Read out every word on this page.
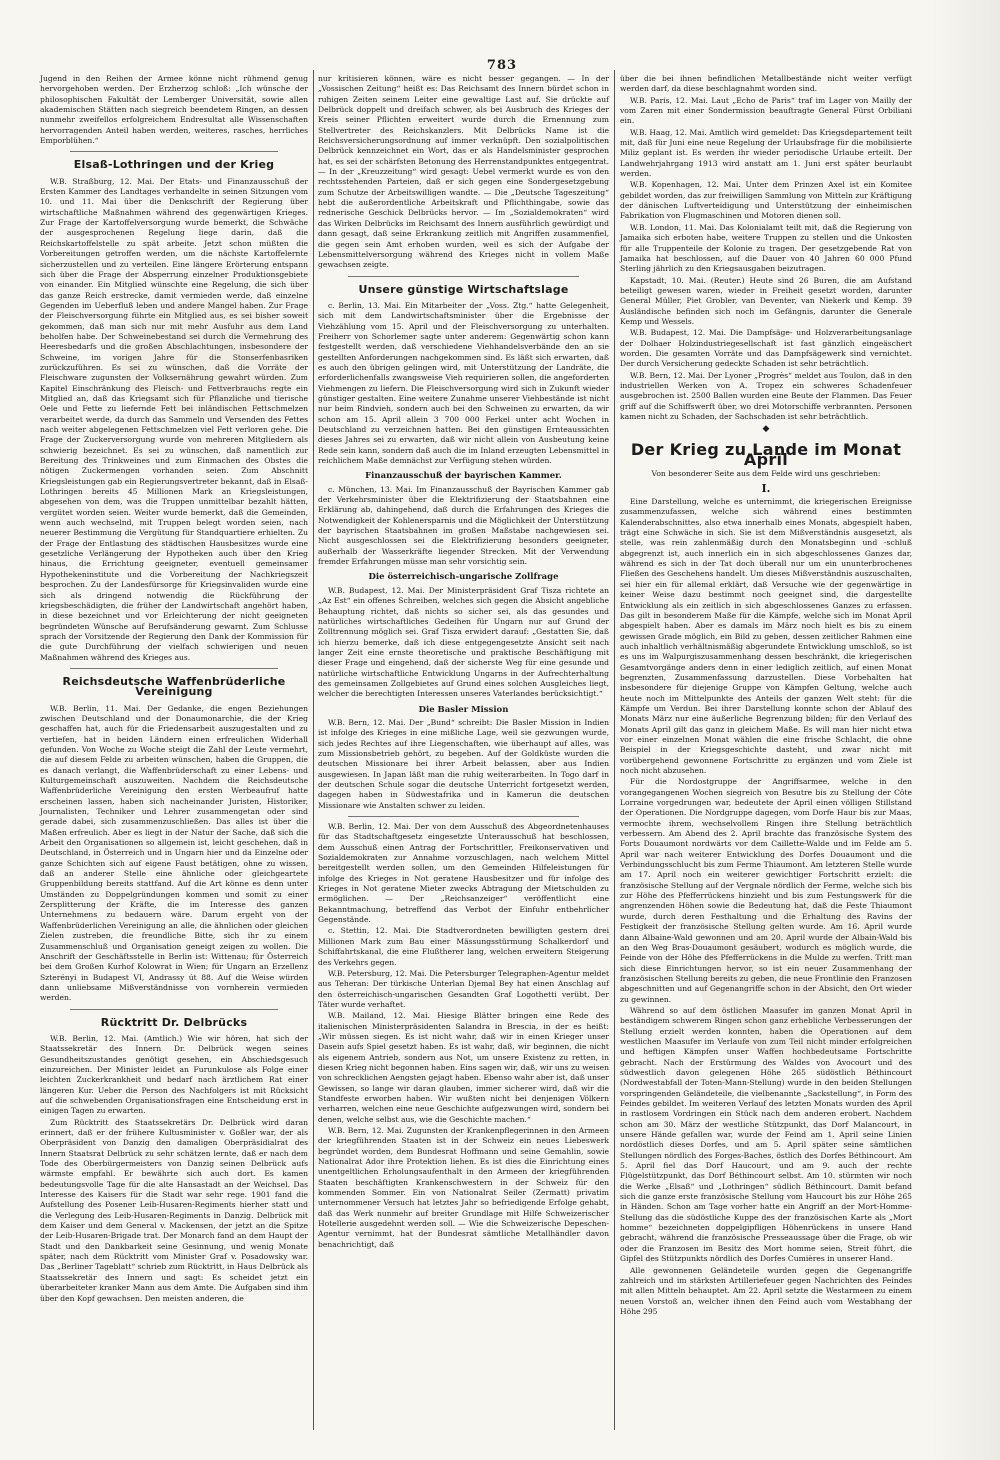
783

Jugend in den Reihen der Armee könne nicht rühmend genug hervorgehoben werden. Der Erzherzog schloß: „Ich wünsche der philosophischen Fakultät der Lemberger Universität, sowie allen akademischen Stätten nach siegreich beendetem Ringen, an dessen nunmehr zweifellos erfolgreichem Endresultat alle Wissenschaften hervorragenden Anteil haben werden, weiteres, rasches, herrliches Emporblühen.“

Elsaß-Lothringen und der Krieg

W.B. Straßburg, 12. Mai. Der Etats- und Finanzausschuß der Ersten Kammer des Landtages verhandelte in seinen Sitzungen vom 10. und 11. Mai über die Denkschrift der Regierung über wirtschaftliche Maßnahmen während des gegenwärtigen Krieges. Zur Frage der Kartoffelversorgung wurde bemerkt, die Schwäche der ausgesprochenen Regelung liege darin, daß die Reichskartoffelstelle zu spät arbeite. Jetzt schon müßten die Vorbereitungen getroffen werden, um die nächste Kartoffelernte sicherzustellen und zu verteilen. Eine längere Erörterung entspann sich über die Frage der Absperrung einzelner Produktionsgebiete von einander. Ein Mitglied wünschte eine Regelung, die sich über das ganze Reich erstrecke, damit vermieden werde, daß einzelne Gegenden im Ueberfluß leben und andere Mangel haben. Zur Frage der Fleischversorgung führte ein Mitglied aus, es sei bisher soweit gekommen, daß man sich nur mit mehr Ausfuhr aus dem Land beholfen habe. Der Schweinebestand sei durch die Vermehrung des Heeresbedarfs und die großen Abschlachtungen, insbesondere der Schweine, im vorigen Jahre für die Stonserfenbasriken zurückzuführen. Es sei zu wünschen, daß die Vorräte der Fleischware zugunsten der Volksernährung gewahrt würden. Zum Kapitel Einschränkung des Fleisch- und Fettverbrauchs regte ein Mitglied an, daß das Kriegsamt sich für Pflanzliche und tierische Oele und Fette zu liefernde Fett bei inländischen Fettschmelzen verarbeitet werde, da durch das Sammeln und Versenden des Fettes nach weiter abgelegenen Fettschmelzen viel Fett verloren gehe. Die Frage der Zuckerversorgung wurde von mehreren Mitgliedern als schwierig bezeichnet. Es sei zu wünschen, daß namentlich zur Bereitung des Trinkweines und zum Einmachen des Obstes die nötigen Zuckermengen vorhanden seien. Zum Abschnitt Kriegsleistungen gab ein Regierungsvertreter bekannt, daß in Elsaß-Lothringen bereits 45 Millionen Mark an Kriegsleistungen, abgesehen von dem, was die Truppen unmittelbar bezahlt hätten, vergütet worden seien. Weiter wurde bemerkt, daß die Gemeinden, wenn auch wechselnd, mit Truppen belegt worden seien, nach neuerer Bestimmung die Vergütung für Standquartiere erhielten. Zu der Frage der Entlastung des städtischen Hausbesitzes wurde eine gesetzliche Verlängerung der Hypotheken auch über den Krieg hinaus, die Errichtung geeigneter, eventuell gemeinsamer Hypothekeninstitute und die Vorbereitung der Nachkriegszeit besprochen. Zu der Landesfürsorge für Kriegsinvaliden wurde eine sich als dringend notwendig die Rückführung der kriegsbeschädigten, die früher der Landwirtschaft angehört haben, in diese bezeichnet und vor Erleichterung der nicht geeigneten begründeten Wünsche auf Berufsänderung gewarnt. Zum Schlusse sprach der Vorsitzende der Regierung den Dank der Kommission für die gute Durchführung der vielfach schwierigen und neuen Maßnahmen während des Krieges aus.

Reichsdeutsche Waffenbrüderliche Vereinigung

W.B. Berlin, 11. Mai. Der Gedanke, die engen Beziehungen zwischen Deutschland und der Donaumonarchie, die der Krieg geschaffen hat, auch für die Friedensarbeit auszugestalten und zu vertiefen, hat in beiden Ländern einen erfreulichen Widerhall gefunden. Von Woche zu Woche steigt die Zahl der Leute vermehrt, die auf diesem Felde zu arbeiten wünschen, haben die Gruppen, die es danach verlangt, die Waffenbrüderschaft zu einer Lebens- und Kulturgemeinschaft auszuweiten. Nachdem die Reichsdeutsche Waffenbrüderliche Vereinigung den ersten Werbeaufruf hatte erscheinen lassen, haben sich nacheinander Juristen, Historiker, Journalisten, Techniker und Lehrer zusammengetan oder sind gerade dabei, sich zusammenzuschließen. Das alles ist über die Maßen erfreulich. Aber es liegt in der Natur der Sache, daß sich die Arbeit den Organisationen so allgemein ist, leicht geschehen, daß in Deutschland, in Österreich und in Ungarn hier und da Einzelne oder ganze Schichten sich auf eigene Faust betätigen, ohne zu wissen, daß an anderer Stelle eine ähnliche oder gleichgeartete Gruppenbildung bereits stattfand. Auf die Art könne es denn unter Umständen zu Doppelgründungen kommen und somit zu einer Zersplitterung der Kräfte, die im Interesse des ganzen Unternehmens zu bedauern wäre. Darum ergeht von der Waffenbrüderlichen Vereinigung an alle, die ähnlichen oder gleichen Zielen zustreben, die freundliche Bitte, sich ihr zu einem Zusammenschluß und Organisation geneigt zeigen zu wollen. Die Anschrift der Geschäftsstelle in Berlin ist: Wittenau; für Österreich bei dem Großen Kurhof Kolowrat in Wien; für Ungarn an Erzellenz Szterényi in Budapest VI, Andrassy út 88. Auf die Weise würden dann unliebsame Mißverständnisse von vornherein vermieden werden.

Rücktritt Dr. Delbrücks

W.B. Berlin, 12. Mai. (Amtlich.) Wie wir hören, hat sich der Staatssekretär des Innern Dr. Delbrück wegen seines Gesundheitszustandes genötigt gesehen, ein Abschiedsgesuch einzureichen. Der Minister leidet an Furunkulose als Folge einer leichten Zuckerkrankheit und bedarf nach ärztlichem Rat einer längeren Kur. Ueber die Person des Nachfolgers ist mit Rücksicht auf die schwebenden Organisationsfragen eine Entscheidung erst in einigen Tagen zu erwarten.

Zum Rücktritt des Staatssekretärs Dr. Delbrück wird daran erinnert, daß er der frühere Kultusminister v. Goßler war, der als Oberpräsident von Danzig den damaligen Oberpräsidialrat des Innern Staatsrat Delbrück zu sehr schätzen lernte, daß er nach dem Tode des Oberbürgermeisters von Danzig seinen Delbrück aufs wärmste empfahl. Er bewährte sich auch dort. Es kamen bedeutungsvolle Tage für die alte Hansastadt an der Weichsel. Das Interesse des Kaisers für die Stadt war sehr rege. 1901 fand die Aufstellung des Posener Leib-Husaren-Regiments hierher statt und die Verlegung des Leib-Husaren-Regiments in Danzig. Delbrück mit dem Kaiser und dem General v. Mackensen, der jetzt an die Spitze der Leib-Husaren-Brigade trat. Der Monarch fand an dem Haupt der Stadt und den Dankbarkeit seine Gesinnung, und wenig Monate später, nach dem Rücktritt vom Minister Graf v. Posadowsky war. Das „Berliner Tageblatt“ schrieb zum Rücktritt, in Haus Delbrück als Staatssekretär des Innern und sagt: Es scheidet jetzt ein überarbeiteter kranker Mann aus dem Amte. Die Aufgaben sind ihm über den Kopf gewachsen. Den meisten anderen, die

nur kritisieren können, wäre es nicht besser gegangen. — In der „Vossischen Zeitung“ heißt es: Das Reichsamt des Innern bürdet schon in ruhigen Zeiten seinem Leiter eine gewaltige Last auf. Sie drückte auf Delbrück doppelt und dreifach schwer, als bei Ausbruch des Krieges der Kreis seiner Pflichten erweitert wurde durch die Ernennung zum Stellvertreter des Reichskanzlers. Mit Delbrücks Name ist die Reichsversicherungsordnung auf immer verknüpft. Den sozialpolitischen Delbrück kennzeichnet ein Wort, das er als Handelsminister gesprochen hat, es sei der schärfsten Betonung des Herrenstandpunktes entgegentrat. — In der „Kreuzzeitung“ wird gesagt: Uebel vermerkt wurde es von den rechtsstehenden Parteien, daß er sich gegen eine Sondergesetzgebung zum Schutze der Arbeitswilligen wandte. — Die „Deutsche Tageszeitung“ hebt die außerordentliche Arbeitskraft und Pflichthingabe, sowie das rednerische Geschick Delbrücks hervor. — Im „Sozialdemokraten“ wird das Wirken Delbrücks im Reichsamt des Innern ausführlich gewürdigt und dann gesagt, daß seine Erkrankung zeitlich mit Angriffen zusammenfiel, die gegen sein Amt erhoben wurden, weil es sich der Aufgabe der Lebensmittelversorgung während des Krieges nicht in vollem Maße gewachsen zeigte.

Unsere günstige Wirtschaftslage

c. Berlin, 13. Mai. Ein Mitarbeiter der „Voss. Ztg.“ hatte Gelegenheit, sich mit dem Landwirtschaftsminister über die Ergebnisse der Viehzählung vom 15. April und der Fleischversorgung zu unterhalten. Freiherr von Schorlemer sagte unter anderem: Gegenwärtig schon kann festgestellt werden, daß verschiedene Viehhandelsverbände den an sie gestellten Anforderungen nachgekommen sind. Es läßt sich erwarten, daß es auch den übrigen gelingen wird, mit Unterstützung der Landräte, die erforderlichenfalls zwangsweise Vieh requirieren sollen, die angeforderten Viehmengen zu liefern. Die Fleischversorgung wird sich in Zukunft wieder günstiger gestalten. Eine weitere Zunahme unserer Viehbestände ist nicht nur beim Rindvieh, sondern auch bei den Schweinen zu erwarten, da wir schon am 15. April allein 3 700 000 Ferkel unter acht Wochen in Deutschland zu verzeichnen hatten. Bei den günstigen Ernteaussichten dieses Jahres sei zu erwarten, daß wir nicht allein von Ausbeutung keine Rede sein kann, sondern daß auch die im Inland erzeugten Lebensmittel in reichlichem Maße demnächst zur Verfügung stehen würden.

Finanzausschuß der bayrischen Kammer.

c. München, 13. Mai. Im Finanzausschuß der Bayrischen Kammer gab der Verkehrsminister über die Elektrifizierung der Staatsbahnen eine Erklärung ab, dahingehend, daß durch die Erfahrungen des Krieges die Notwendigkeit der Kohlenersparnis und die Möglichkeit der Unterstützung der bayrischen Staatsbahnen im großen Maßstabe nachgewiesen sei. Nicht ausgeschlossen sei die Elektrifizierung besonders geeigneter, außerhalb der Wasserkräfte liegender Strecken. Mit der Verwendung fremder Erfahrungen müsse man sehr vorsichtig sein.

Die österreichisch-ungarische Zollfrage

W.B. Budapest, 12. Mai. Der Ministerpräsident Graf Tisza richtete an „Az Est“ ein offenes Schreiben, welches sich gegen die Absicht angebliche Behauptung richtet, daß nichts so sicher sei, als das gesundes und natürliches wirtschaftliches Gedeihen für Ungarn nur auf Grund der Zolltrennung möglich sei. Graf Tisza erwidert darauf: „Gestatten Sie, daß ich hierzu bemerke, daß ich diese entgegengesetzte Ansicht seit nach langer Zeit eine ernste theoretische und praktische Beschäftigung mit dieser Frage und eingehend, daß der sicherste Weg für eine gesunde und natürliche wirtschaftliche Entwicklung Ungarns in der Aufrechterhaltung des gemeinsamen Zollgebietes auf Grund eines solchen Ausgleiches liegt, welcher die berechtigten Interessen unseres Vaterlandes berücksichtigt.“

Die Basler Mission

W.B. Bern, 12. Mai. Der „Bund“ schreibt: Die Basler Mission in Indien ist infolge des Krieges in eine mißliche Lage, weil sie gezwungen wurde, sich jedes Rechtes auf ihre Liegenschaften, wie überhaupt auf alles, was zum Missionsbetrieb gehört, zu begeben. Auf der Goldküste wurden die deutschen Missionare bei ihrer Arbeit belassen, aber aus Indien ausgewiesen. In Japan läßt man die ruhig weiterarbeiten. In Togo darf in der deutschen Schule sogar die deutsche Unterricht fortgesetzt werden, dagegen haben in Südwestafrika und in Kamerun die deutschen Missionare wie Anstalten schwer zu leiden.

W.B. Berlin, 12. Mai. Der von dem Ausschuß des Abgeordnetenhauses für das Stadtschaftgesetz eingesetzte Unterausschuß hat beschlossen, dem Ausschuß einen Antrag der Fortschrittler, Freikonservativen und Sozialdemokraten zur Annahme vorzuschlagen, nach welchem Mittel bereitgestellt werden sollen, um den Gemeinden Hilfeleistungen für infolge des Krieges in Not geratene Hausbesitzer und für infolge des Krieges in Not geratene Mieter zwecks Abtragung der Mietschulden zu ermöglichen. — Der „Reichsanzeiger“ veröffentlicht eine Bekanntmachung, betreffend das Verbot der Einfuhr entbehrlicher Gegenstände.

c. Stettin, 12. Mai. Die Stadtverordneten bewilligten gestern drei Millionen Mark zum Bau einer Mässungsstürmung Schalkerdorf und Schiffahrtskanal, die eine Flußtherer lang, welchen erweitern Steigerung des Verkehrs gegen.

W.B. Petersburg, 12. Mai. Die Petersburger Telegraphen-Agentur meldet aus Teheran: Der türkische Unterlan Djemal Bey hat einen Anschlag auf den österreichisch-ungarischen Gesandten Graf Logothetti verübt. Der Täter wurde verhaftet.

W.B. Mailand, 12. Mai. Hiesige Blätter bringen eine Rede des italienischen Ministerpräsidenten Salandra in Brescia, in der es heißt: „Wir müssen siegen. Es ist nicht wahr, daß wir in einen Krieger unser Dasein aufs Spiel gesetzt haben. Es ist wahr, daß, wir beginnen, die nicht als eigenem Antrieb, sondern aus Not, um unsere Existenz zu retten, in diesen Krieg nicht begonnen haben. Eins sagen wir, daß, wir uns zu weisen von schrecklichen Aengsten gejagt haben. Ebenso wahr aber ist, daß unser Gewissen, so lange wir daran glauben, immer sicherer wird, daß wir die Standfeste erworben haben. Wir wußten nicht bei denjenigen Völkern verharren, welchen eine neue Geschichte aufgezwungen wird, sondern bei denen, welche selbst aus, wie die Geschichte machen.“

W.B. Bern, 12. Mai. Zugunsten der Krankenpflegerinnen in den Armeen der kriegführenden Staaten ist in der Schweiz ein neues Liebeswerk begründet worden, dem Bundesrat Hoffmann und seine Gemahlin, sowie Nationalrat Ador ihre Protektion liehen. Es ist dies die Einrichtung eines unentgeltlichen Erholungsaufenthalt in den Armeen der kriegführenden Staaten beschäftigten Krankenschwestern in der Schweiz für den kommenden Sommer. Ein von Nationalrat Seiler (Zermatt) privatim unternommener Versuch hat letztes Jahr so befriedigende Erfolge gehabt, daß das Werk nunmehr auf breiter Grundlage mit Hilfe Schweizerischer Hotellerie ausgedehnt werden soll. — Wie die Schweizerische Depeschen-Agentur vernimmt, hat der Bundesrat sämtliche Metallhändler davon benachrichtigt, daß

über die bei ihnen befindlichen Metallbestände nicht weiter verfügt werden darf, da diese beschlagnahmt worden sind.

W.B. Paris, 12. Mai. Laut „Echo de Paris“ traf im Lager von Mailly der vom Zaren mit einer Sondermission beauftragte General Fürst Orbiliani ein.

W.B. Haag, 12. Mai. Amtlich wird gemeldet: Das Kriegsdepartement teilt mit, daß für Juni eine neue Regelung der Urlaubsfrage für die mobilisierte Miliz geplant ist. Es werden ihr wieder periodische Urlaube erteilt. Der Landwehrjahrgang 1913 wird anstatt am 1. Juni erst später beurlaubt werden.

W.B. Kopenhagen, 12. Mai. Unter dem Prinzen Axel ist ein Komitee gebildet worden, das zur freiwilligen Sammlung von Mitteln zur Kräftigung der dänischen Luftverteidigung und Unterstützung der einheimischen Fabrikation von Flugmaschinen und Motoren dienen soll.

W.B. London, 11. Mai. Das Kolonialamt teilt mit, daß die Regierung von Jamaika sich erboten habe, weitere Truppen zu stellen und die Unkosten für alle Truppenteile der Kolonie zu tragen. Der gesetzgebende Rat von Jamaika hat beschlossen, auf die Dauer von 40 Jahren 60 000 Pfund Sterling jährlich zu den Kriegsausgaben beizutragen.

Kapstadt, 10. Mai. (Reuter.) Heute sind 26 Buren, die am Aufstand beteiligt gewesen waren, wieder in Freiheit gesetzt worden, darunter General Müller, Piet Grobler, van Deventer, van Niekerk und Kemp. 39 Ausländische befinden sich noch im Gefängnis, darunter die Generale Kemp und Wessels.

W.B. Budapest, 12. Mai. Die Dampfsäge- und Holzverarbeitungsanlage der Dolhaer Holzindustriegesellschaft ist fast gänzlich eingeäschert worden. Die gesamten Vorräte und das Dampfsägewerk sind vernichtet. Der durch Versicherung gedeckte Schaden ist sehr beträchtlich.

W.B. Bern, 12. Mai. Der Lyoner „Progrès“ meldet aus Toulon, daß in den industriellen Werken von A. Tropez ein schweres Schadenfeuer ausgebrochen ist. 2500 Ballen wurden eine Beute der Flammen. Das Feuer griff auf die Schiffswerft über, wo drei Motorschiffe verbrannten. Personen kamen nicht zu Schaden, der Sachschaden ist sehr beträchtlich.

◆
Der Krieg zu Lande im Monat April
Von besonderer Seite aus dem Felde wird uns geschrieben:
I.

Eine Darstellung, welche es unternimmt, die kriegerischen Ereignisse zusammenzufassen, welche sich während eines bestimmten Kalenderabschnittes, also etwa innerhalb eines Monats, abgespielt haben, trägt eine Schwäche in sich. Sie ist dem Mißverständnis ausgesetzt, als stelle, was rein zahlenmäßig durch den Monatsbeginn und -schluß abgegrenzt ist, auch innerlich ein in sich abgeschlossenes Ganzes dar, während es sich in der Tat doch überall nur um ein ununterbrochenes Fließen des Geschehens handelt. Um dieses Mißverständnis auszuschalten, sei hier ein für allemal erklärt, daß Versuche wie der gegenwärtige in keiner Weise dazu bestimmt noch geeignet sind, die dargestellte Entwicklung als ein zeitlich in sich abgeschlossenes Ganzes zu erfassen. Das gilt in besonderem Maße für die Kämpfe, welche sich im Monat April abgespielt haben. Aber es damals im März noch hielt es bis zu einem gewissen Grade möglich, ein Bild zu geben, dessen zeitlicher Rahmen eine auch inhaltlich verhältnismäßig abgerundete Entwicklung umschloß, so ist es uns im Walpurgiszusammenhang dessen beschränkt, die kriegerischen Gesamtvorgänge anders denn in einer lediglich zeitlich, auf einen Monat begrenzten, Zusammenfassung darzustellen. Diese Vorbehalten hat insbesondere für diejenige Gruppe von Kämpfen Geltung, welche auch heute noch im Mittelpunkte des Anteils der ganzen Welt steht: für die Kämpfe um Verdun. Bei ihrer Darstellung konnte schon der Ablauf des Monats März nur eine äußerliche Begrenzung bilden; für den Verlauf des Monats April gilt das ganz in gleichem Maße. Es will man hier nicht etwa vor einer einzelnen Monat wählen die eine frische Schlacht, die ohne Beispiel in der Kriegsgeschichte dasteht, und zwar nicht mit vorübergehend gewonnene Fortschritte zu ergänzen und vom Ziele ist noch nicht abzusehen.

Für die Nordostgruppe der Angriffsarmee, welche in den vorangegangenen Wochen siegreich von Besutre bis zu Stellung der Côte Lorraine vorgedrungen war, bedeutete der April einen völligen Stillstand der Operationen. Die Nordgruppe dagegen, vom Dorfe Haur bis zur Maas, vermochte ihrem, wechselvollem Ringen ihre Stellung beträchtlich verbessern. Am Abend des 2. April brachte das französische System des Forts Douaumont nordwärts vor dem Caillette-Walde und im Felde am 5. April war nach weiterer Entwicklung des Dorfes Douaumont und die Verbindungsschlucht bis zum Ferme Thiaumont. Am letzteren Stelle wurde am 17. April noch ein weiterer gewichtiger Fortschritt erzielt: die französische Stellung auf der Vergnale nördlich der Ferme, welche sich bis zur Höhe des Pfefferrückens hinzieht und bis zum Festungswerk für die angrenzenden Höhen sowie die Bedeutung hat, daß die Feste Thiaumont wurde, durch deren Festhaltung und die Erhaltung des Ravins der Festigkeit der französische Stellung gelten wurde. Am 16. April wurde dann Albaine-Wald gewonnen und am 20. April wurde der Albain-Wald bis an den Weg Bras-Douaumont gesäubert, wodurch es möglich wurde, die Feinde von der Höhe des Pfefferrückens in die Mulde zu werfen. Tritt man sich diese Einrichtungen hervor, so ist ein neuer Zusammenhang der französischen Stellung bereits zu geben, die neue Frontlinie den Franzosen abgeschnitten und auf Gegenangriffe schon in der Absicht, den Ort wieder zu gewinnen.

Während so auf dem östlichen Maasufer im ganzen Monat April in beständigem schwerem Ringen schon ganz erhebliche Verbesserungen der Stellung erzielt werden konnten, haben die Operationen auf dem westlichen Maasufer im Verlaufe von zum Teil nicht minder erfolgreichen und heftigen Kämpfen unser Waffen hochbedeutsame Fortschritte gebracht. Nach der Erstürmung des Waldes von Avocourt und des südwestlich davon gelegenen Höhe 265 südöstlich Béthincourt (Nordwestabfall der Toten-Mann-Stellung) wurde in den beiden Stellungen vorspringenden Geländeteile, die vielbenannte „Sackstellung“, in Form des Feindes gebildet. Im weiteren Verlauf des letzten Monats wurden des April in rastlosem Vordringen ein Stück nach dem anderen erobert. Nachdem schon am 30. März der westliche Stützpunkt, das Dorf Malancourt, in unsere Hände gefallen war, wurde der Feind am 1. April seine Linien nordöstlich dieses Dorfes, und am 5. April später seine sämtlichen Stellungen nördlich des Forges-Baches, östlich des Dorfes Béthincourt. Am 5. April fiel das Dorf Haucourt, und am 9. auch der rechte Flügelstützpunkt, das Dorf Béthincourt selbst. Am 10. stürmten wir noch die Werke „Elsaß“ und „Lothringen“ südlich Béthincourt. Damit befand sich die ganze erste französische Stellung vom Haucourt bis zur Höhe 265 in Händen. Schon am Tage vorher hatte ein Angriff an der Mort-Homme-Stellung das die südöstliche Kuppe des der französischen Karte als „Mort homme“ bezeichneten doppelgipfligen Höhenrückens in unsere Hand gebracht, während die französische Presseaussage über die Frage, ob wir oder die Franzosen im Besitz des Mort homme seien, Streit führt, die Gipfel des Stützpunkts nördlich des Dorfes Cumières in unserer Hand.

Alle gewonnenen Geländeteile wurden gegen die Gegenangriffe zahlreich und im stärksten Artilleriefeuer gegen Nachrichten des Feindes mit allen Mitteln behauptet. Am 22. April setzte die Westarmeen zu einem neuen Vorstoß an, welcher ihnen den Feind auch vom Westabhang der Höhe 295
